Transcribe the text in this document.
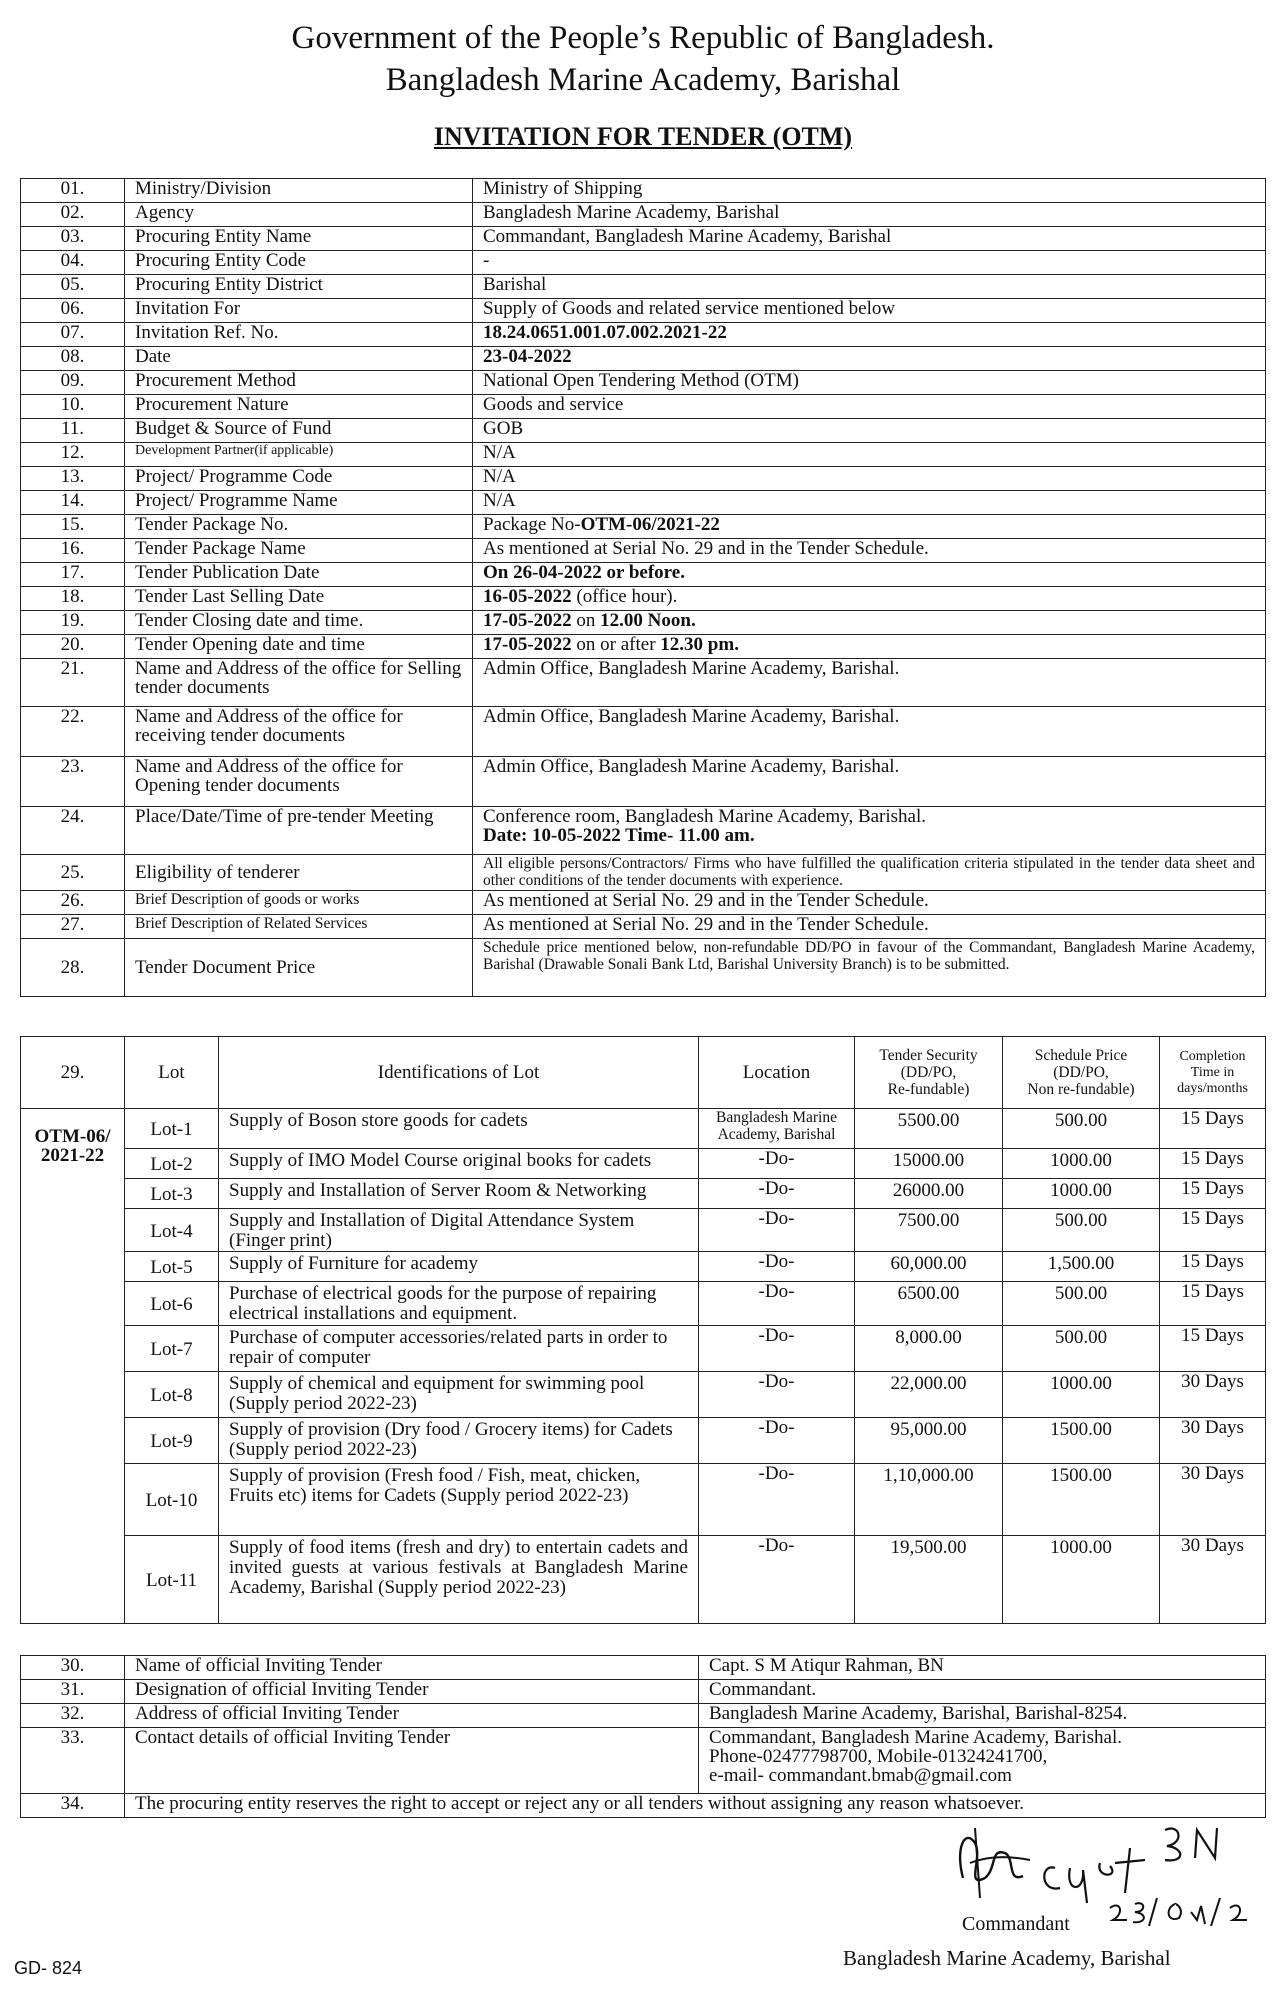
Government of the People’s Republic of Bangladesh.
Bangladesh Marine Academy, Barishal
INVITATION FOR TENDER (OTM)
01.	Ministry/Division	Ministry of Shipping
02.	Agency	Bangladesh Marine Academy, Barishal
03.	Procuring Entity Name	Commandant, Bangladesh Marine Academy, Barishal
04.	Procuring Entity Code	-
05.	Procuring Entity District	Barishal
06.	Invitation For	Supply of Goods and related service mentioned below
07.	Invitation Ref. No.	18.24.0651.001.07.002.2021-22
08.	Date	23-04-2022
09.	Procurement Method	National Open Tendering Method (OTM)
10.	Procurement Nature	Goods and service
11.	Budget & Source of Fund	GOB
12.	Development Partner(if applicable)	N/A
13.	Project/ Programme Code	N/A
14.	Project/ Programme Name	N/A
15.	Tender Package No.	Package No-OTM-06/2021-22
16.	Tender Package Name	As mentioned at Serial No. 29 and in the Tender Schedule.
17.	Tender Publication Date	On 26-04-2022 or before.
18.	Tender Last Selling Date	16-05-2022 (office hour).
19.	Tender Closing date and time.	17-05-2022 on 12.00 Noon.
20.	Tender Opening date and time	17-05-2022 on or after 12.30 pm.
21.	Name and Address of the office for Selling tender documents	Admin Office, Bangladesh Marine Academy, Barishal.
22.	Name and Address of the office for receiving tender documents	Admin Office, Bangladesh Marine Academy, Barishal.
23.	Name and Address of the office for Opening tender documents	Admin Office, Bangladesh Marine Academy, Barishal.
24.	Place/Date/Time of pre-tender Meeting	Conference room, Bangladesh Marine Academy, Barishal.
Date: 10-05-2022 Time- 11.00 am.
25.	Eligibility of tenderer	All eligible persons/Contractors/ Firms who have fulfilled the qualification criteria stipulated in the tender data sheet and other conditions of the tender documents with experience.
26.	Brief Description of goods or works	As mentioned at Serial No. 29 and in the Tender Schedule.
27.	Brief Description of Related Services	As mentioned at Serial No. 29 and in the Tender Schedule.
28.	Tender Document Price	Schedule price mentioned below, non-refundable DD/PO in favour of the Commandant, Bangladesh Marine Academy, Barishal (Drawable Sonali Bank Ltd, Barishal University Branch) is to be submitted.
29.	Lot	Identifications of Lot	Location	Tender Security
(DD/PO,
Re-fundable)	Schedule Price
(DD/PO,
Non re-fundable)	Completion
Time in
days/months
OTM-06/
2021-22	Lot-1	Supply of Boson store goods for cadets	Bangladesh Marine Academy, Barishal	5500.00	500.00	15 Days
	Lot-2	Supply of IMO Model Course original books for cadets	-Do-	15000.00	1000.00	15 Days
	Lot-3	Supply and Installation of Server Room & Networking	-Do-	26000.00	1000.00	15 Days
	Lot-4	Supply and Installation of Digital Attendance System (Finger print)	-Do-	7500.00	500.00	15 Days
	Lot-5	Supply of Furniture for academy	-Do-	60,000.00	1,500.00	15 Days
	Lot-6	Purchase of electrical goods for the purpose of repairing electrical installations and equipment.	-Do-	6500.00	500.00	15 Days
	Lot-7	Purchase of computer accessories/related parts in order to repair of computer	-Do-	8,000.00	500.00	15 Days
	Lot-8	Supply of chemical and equipment for swimming pool (Supply period 2022-23)	-Do-	22,000.00	1000.00	30 Days
	Lot-9	Supply of provision (Dry food / Grocery items) for Cadets (Supply period 2022-23)	-Do-	95,000.00	1500.00	30 Days
	Lot-10	Supply of provision (Fresh food / Fish, meat, chicken, Fruits etc) items for Cadets (Supply period 2022-23)	-Do-	1,10,000.00	1500.00	30 Days
	Lot-11	Supply of food items (fresh and dry) to entertain cadets and invited guests at various festivals at Bangladesh Marine Academy, Barishal (Supply period 2022-23)	-Do-	19,500.00	1000.00	30 Days
30.	Name of official Inviting Tender	Capt. S M Atiqur Rahman, BN
31.	Designation of official Inviting Tender	Commandant.
32.	Address of official Inviting Tender	Bangladesh Marine Academy, Barishal, Barishal-8254.
33.	Contact details of official Inviting Tender	Commandant, Bangladesh Marine Academy, Barishal.
Phone-02477798700, Mobile-01324241700,
e-mail- commandant.bmab@gmail.com
34.	The procuring entity reserves the right to accept or reject any or all tenders without assigning any reason whatsoever.	
Capt BN 23/04/22
Commandant
Bangladesh Marine Academy, Barishal
GD- 824
